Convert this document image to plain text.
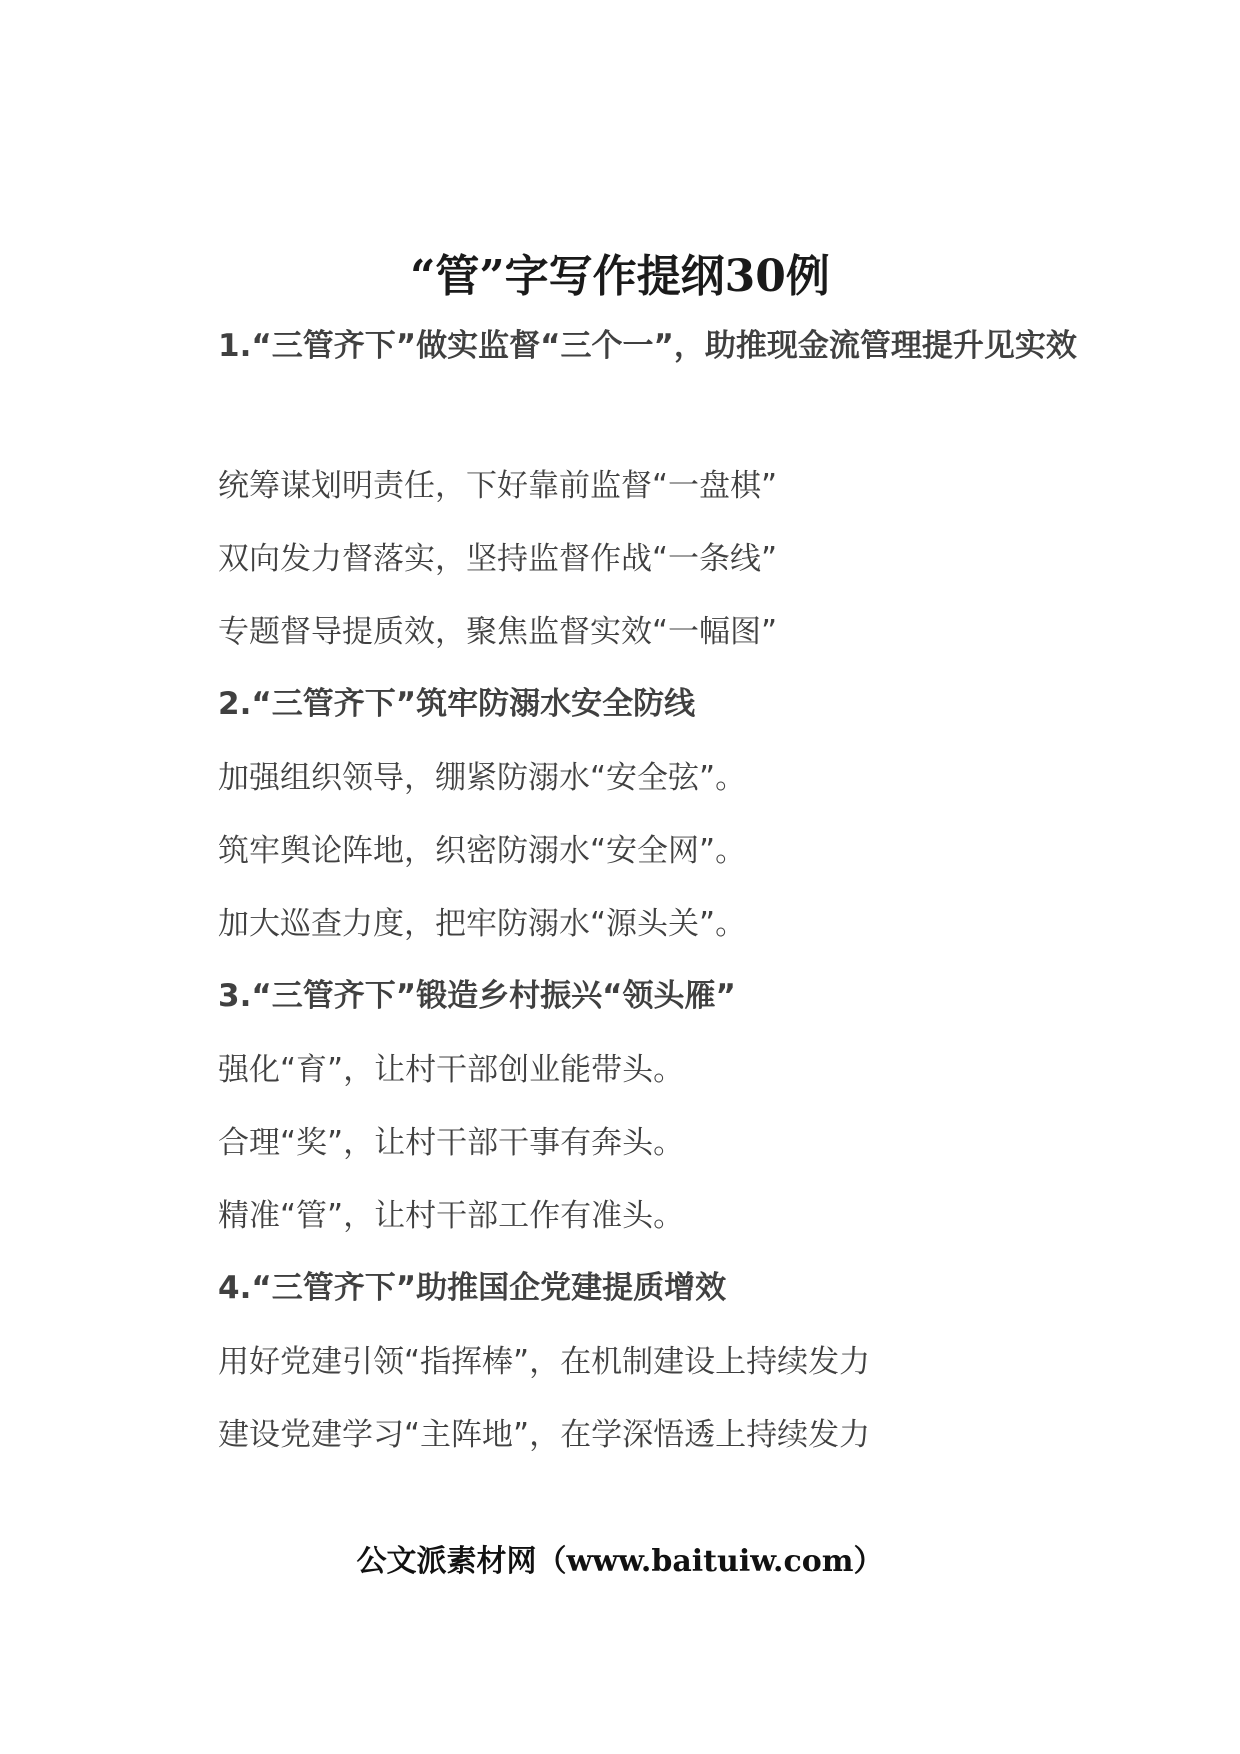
“管”字写作提纲30例

1.“三管齐下”做实监督“三个一”，助推现金流管理提升见实效

统筹谋划明责任，下好靠前监督“一盘棋”

双向发力督落实，坚持监督作战“一条线”

专题督导提质效，聚焦监督实效“一幅图”

2.“三管齐下”筑牢防溺水安全防线

加强组织领导，绷紧防溺水“安全弦”。

筑牢舆论阵地，织密防溺水“安全网”。

加大巡查力度，把牢防溺水“源头关”。

3.“三管齐下”锻造乡村振兴“领头雁”

强化“育”，让村干部创业能带头。

合理“奖”，让村干部干事有奔头。

精准“管”，让村干部工作有准头。

4.“三管齐下”助推国企党建提质增效

用好党建引领“指挥棒”，在机制建设上持续发力

建设党建学习“主阵地”，在学深悟透上持续发力

公文派素材网（www.baituiw.com）
